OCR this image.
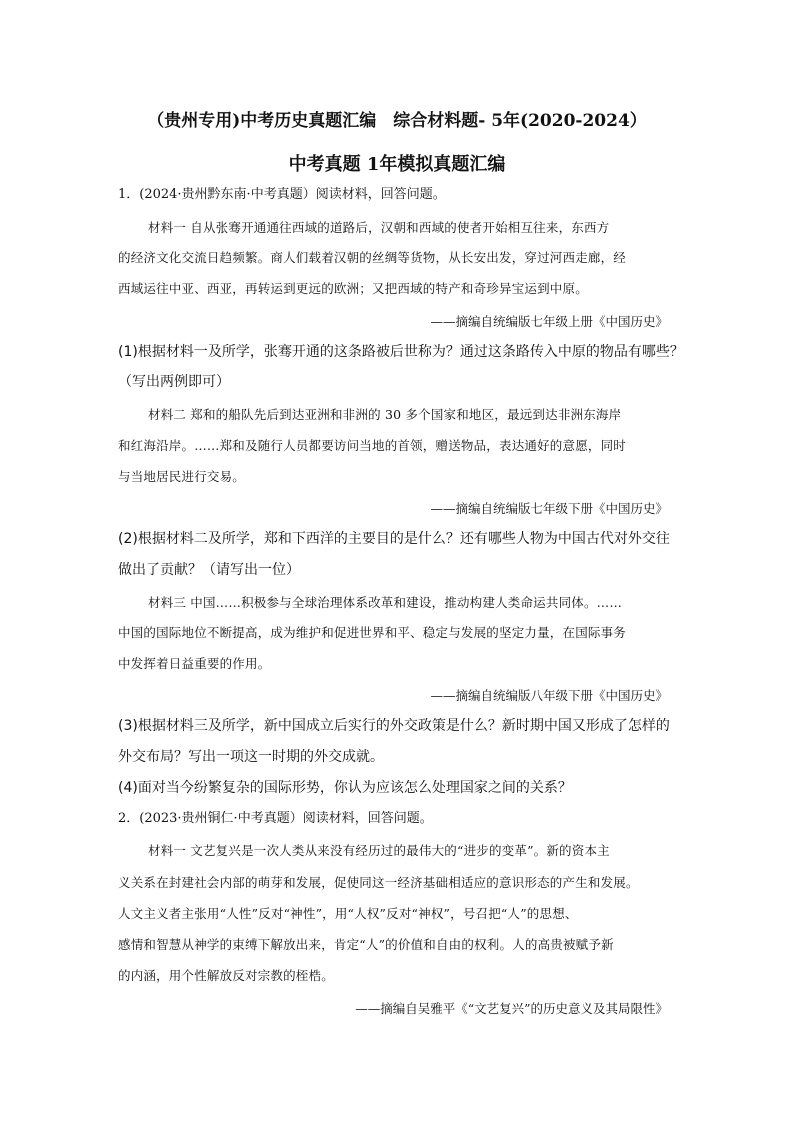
（贵州专用)中考历史真题汇编　综合材料题- 5年(2020-2024）
中考真题 1年模拟真题汇编
1．(2024·贵州黔东南·中考真题）阅读材料，回答问题。
材料一 自从张骞开通通往西域的道路后，汉朝和西域的使者开始相互往来，东西方
的经济文化交流日趋频繁。商人们载着汉朝的丝绸等货物，从长安出发，穿过河西走廊，经
西域运往中亚、西亚，再转运到更远的欧洲；又把西域的特产和奇珍异宝运到中原。
——摘编自统编版七年级上册《中国历史》
(1)根据材料一及所学，张骞开通的这条路被后世称为？通过这条路传入中原的物品有哪些？
（写出两例即可）
材料二 郑和的船队先后到达亚洲和非洲的 30 多个国家和地区，最远到达非洲东海岸
和红海沿岸。……郑和及随行人员都要访问当地的首领，赠送物品，表达通好的意愿，同时
与当地居民进行交易。
——摘编自统编版七年级下册《中国历史》
(2)根据材料二及所学，郑和下西洋的主要目的是什么？还有哪些人物为中国古代对外交往
做出了贡献？（请写出一位）
材料三 中国……积极参与全球治理体系改革和建设，推动构建人类命运共同体。……
中国的国际地位不断提高，成为维护和促进世界和平、稳定与发展的坚定力量，在国际事务
中发挥着日益重要的作用。
——摘编自统编版八年级下册《中国历史》
(3)根据材料三及所学，新中国成立后实行的外交政策是什么？新时期中国又形成了怎样的
外交布局？写出一项这一时期的外交成就。
(4)面对当今纷繁复杂的国际形势，你认为应该怎么处理国家之间的关系？
2．(2023·贵州铜仁·中考真题）阅读材料，回答问题。
材料一 文艺复兴是一次人类从来没有经历过的最伟大的“进步的变革”。新的资本主
义关系在封建社会内部的萌芽和发展，促使同这一经济基础相适应的意识形态的产生和发展。
人文主义者主张用“人性”反对“神性”，用“人权”反对“神权”，号召把“人”的思想、
感情和智慧从神学的束缚下解放出来，肯定“人”的价值和自由的权利。人的高贵被赋予新
的内涵，用个性解放反对宗教的桎梏。
——摘编自吴雅平《“文艺复兴”的历史意义及其局限性》
